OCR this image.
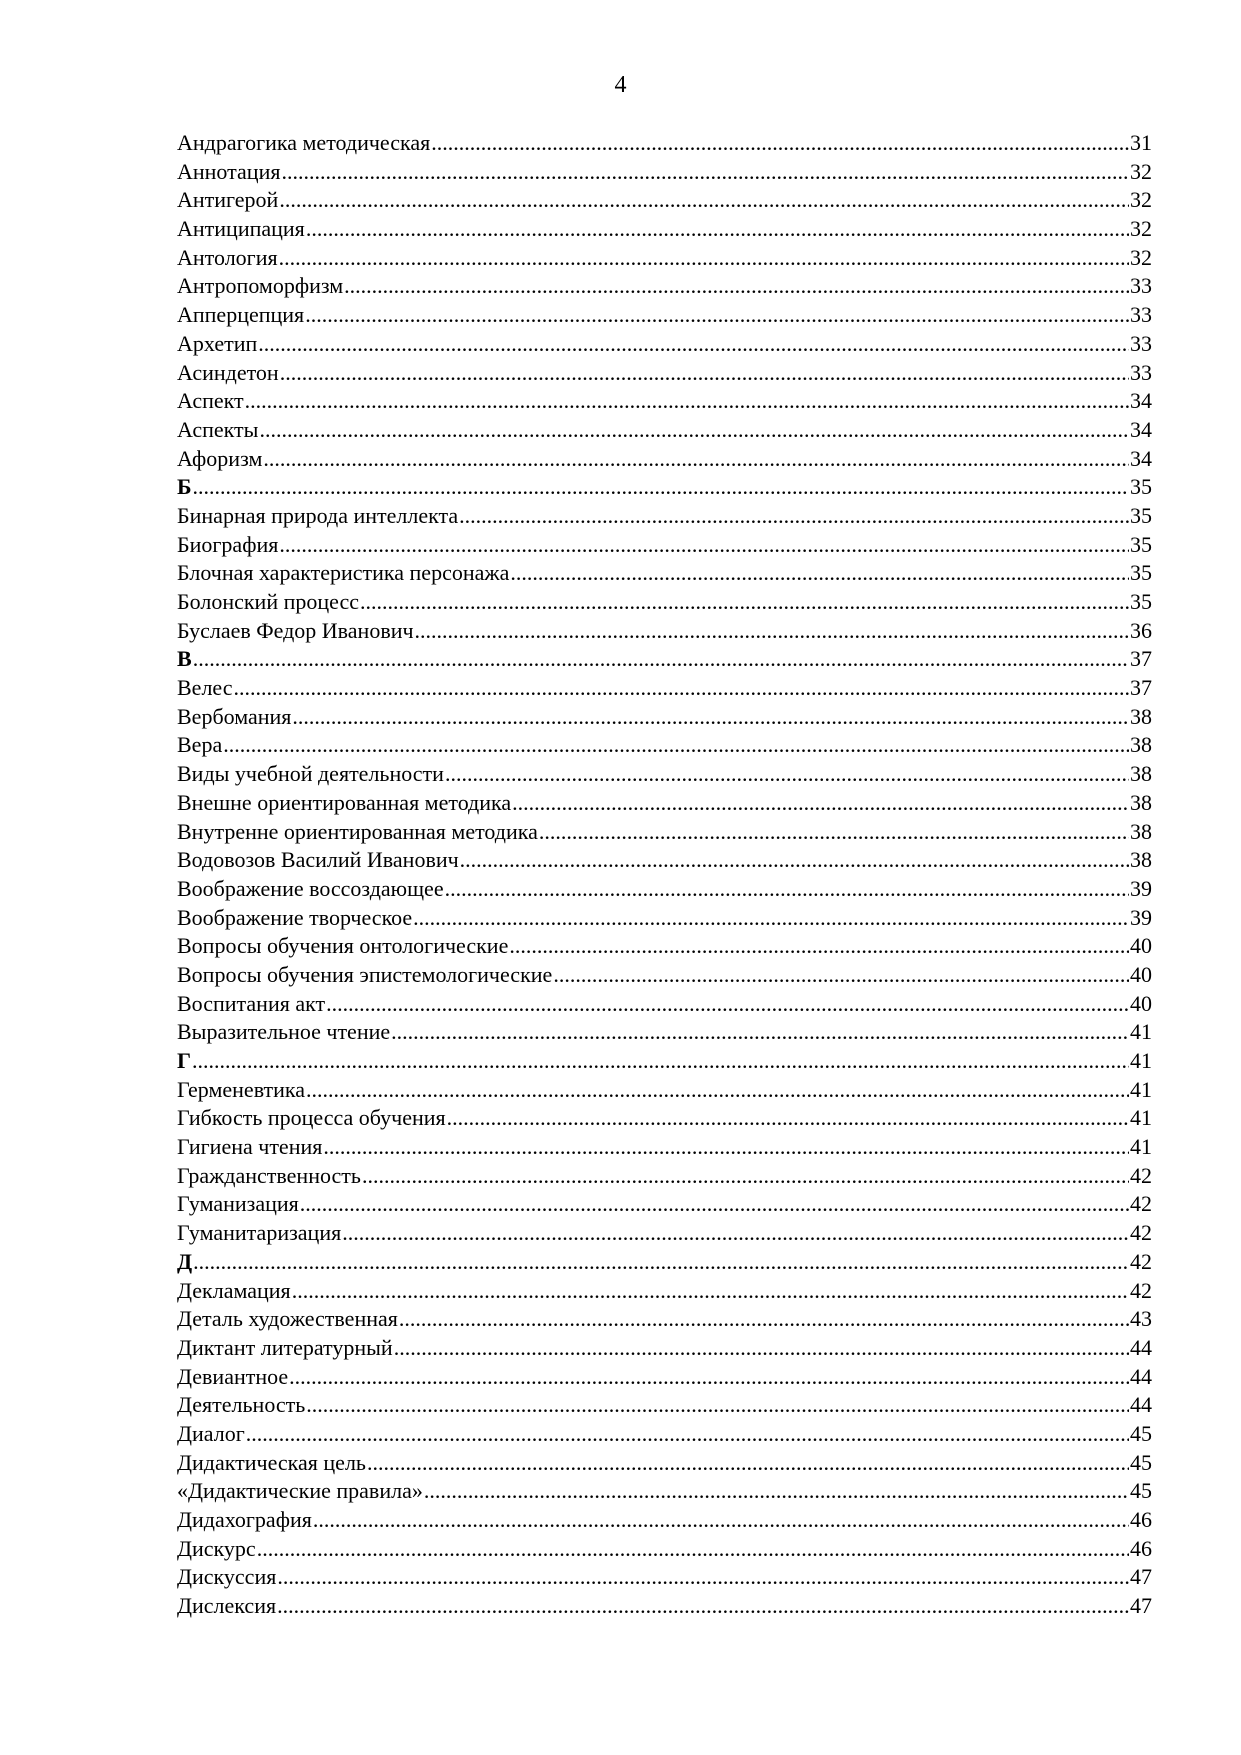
4
Андрагогика методическая .....	31
Аннотация .....	32
Антигерой .....	32
Антиципация .....	32
Антология .....	32
Антропоморфизм .....	33
Апперцепция .....	33
Архетип .....	33
Асиндетон .....	33
Аспект .....	34
Аспекты .....	34
Афоризм .....	34
Б .....	35
Бинарная природа интеллекта .....	35
Биография .....	35
Блочная характеристика персонажа .....	35
Болонский процесс .....	35
Буслаев Федор Иванович .....	36
В .....	37
Велес .....	37
Вербомания .....	38
Вера .....	38
Виды учебной деятельности .....	38
Внешне ориентированная методика .....	38
Внутренне ориентированная методика .....	38
Водовозов Василий Иванович .....	38
Воображение воссоздающее .....	39
Воображение творческое .....	39
Вопросы обучения онтологические .....	40
Вопросы обучения эпистемологические .....	40
Воспитания акт .....	40
Выразительное чтение .....	41
Г .....	41
Герменевтика .....	41
Гибкость процесса обучения .....	41
Гигиена чтения .....	41
Гражданственность .....	42
Гуманизация .....	42
Гуманитаризация .....	42
Д .....	42
Декламация .....	42
Деталь художественная .....	43
Диктант литературный .....	44
Девиантное .....	44
Деятельность .....	44
Диалог .....	45
Дидактическая цель .....	45
«Дидактические правила» .....	45
Дидахография .....	46
Дискурс .....	46
Дискуссия .....	47
Дислексия .....	47
